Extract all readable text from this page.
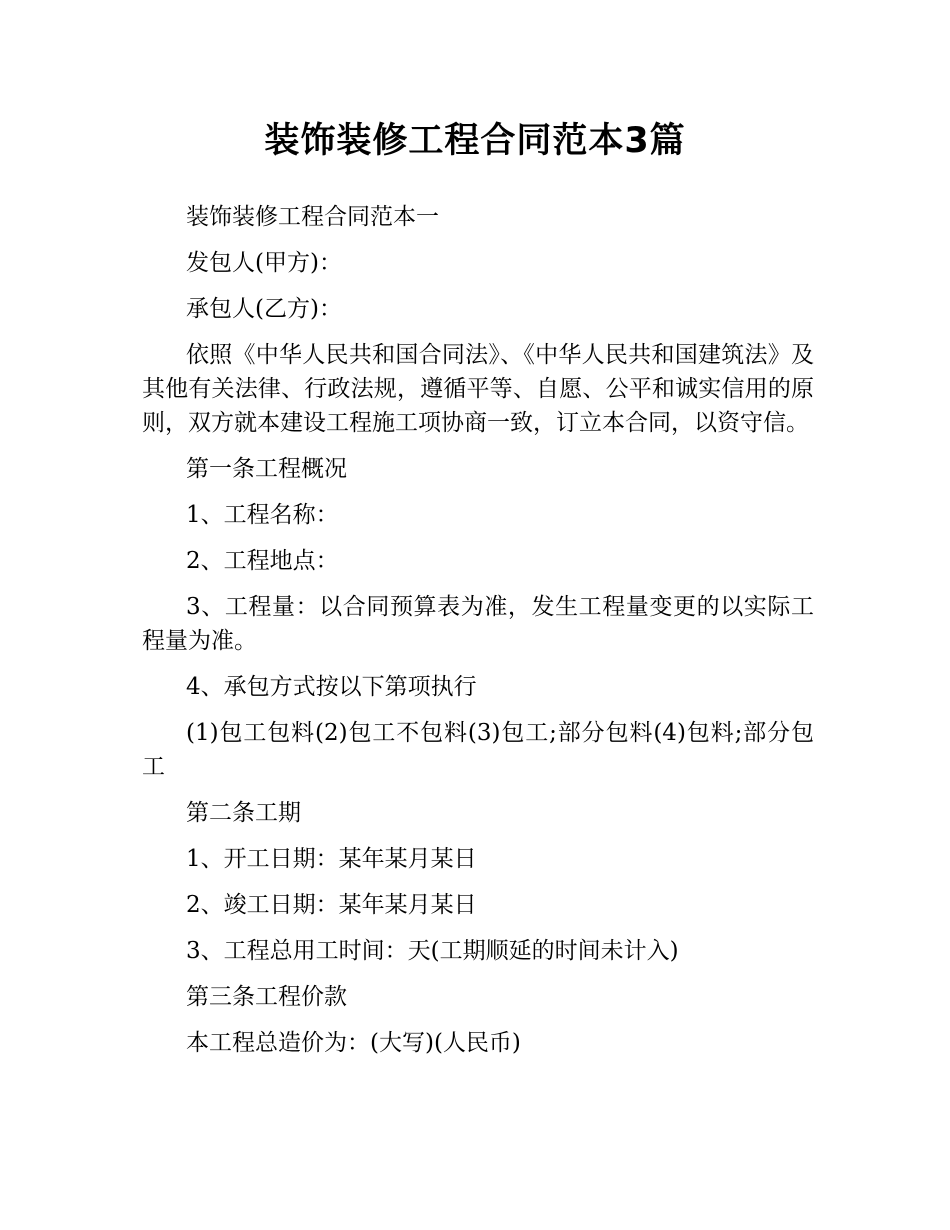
装饰装修工程合同范本3篇

装饰装修工程合同范本一

发包人(甲方)：

承包人(乙方)：

依照《中华人民共和国合同法》、《中华人民共和国建筑法》及其他有关法律、行政法规，遵循平等、自愿、公平和诚实信用的原则，双方就本建设工程施工项协商一致，订立本合同，以资守信。

第一条工程概况

1、工程名称：

2、工程地点：

3、工程量：以合同预算表为准，发生工程量变更的以实际工程量为准。

4、承包方式按以下第项执行

(1)包工包料(2)包工不包料(3)包工;部分包料(4)包料;部分包工

第二条工期

1、开工日期：某年某月某日

2、竣工日期：某年某月某日

3、工程总用工时间：天(工期顺延的时间未计入)

第三条工程价款

本工程总造价为：(大写)(人民币)
